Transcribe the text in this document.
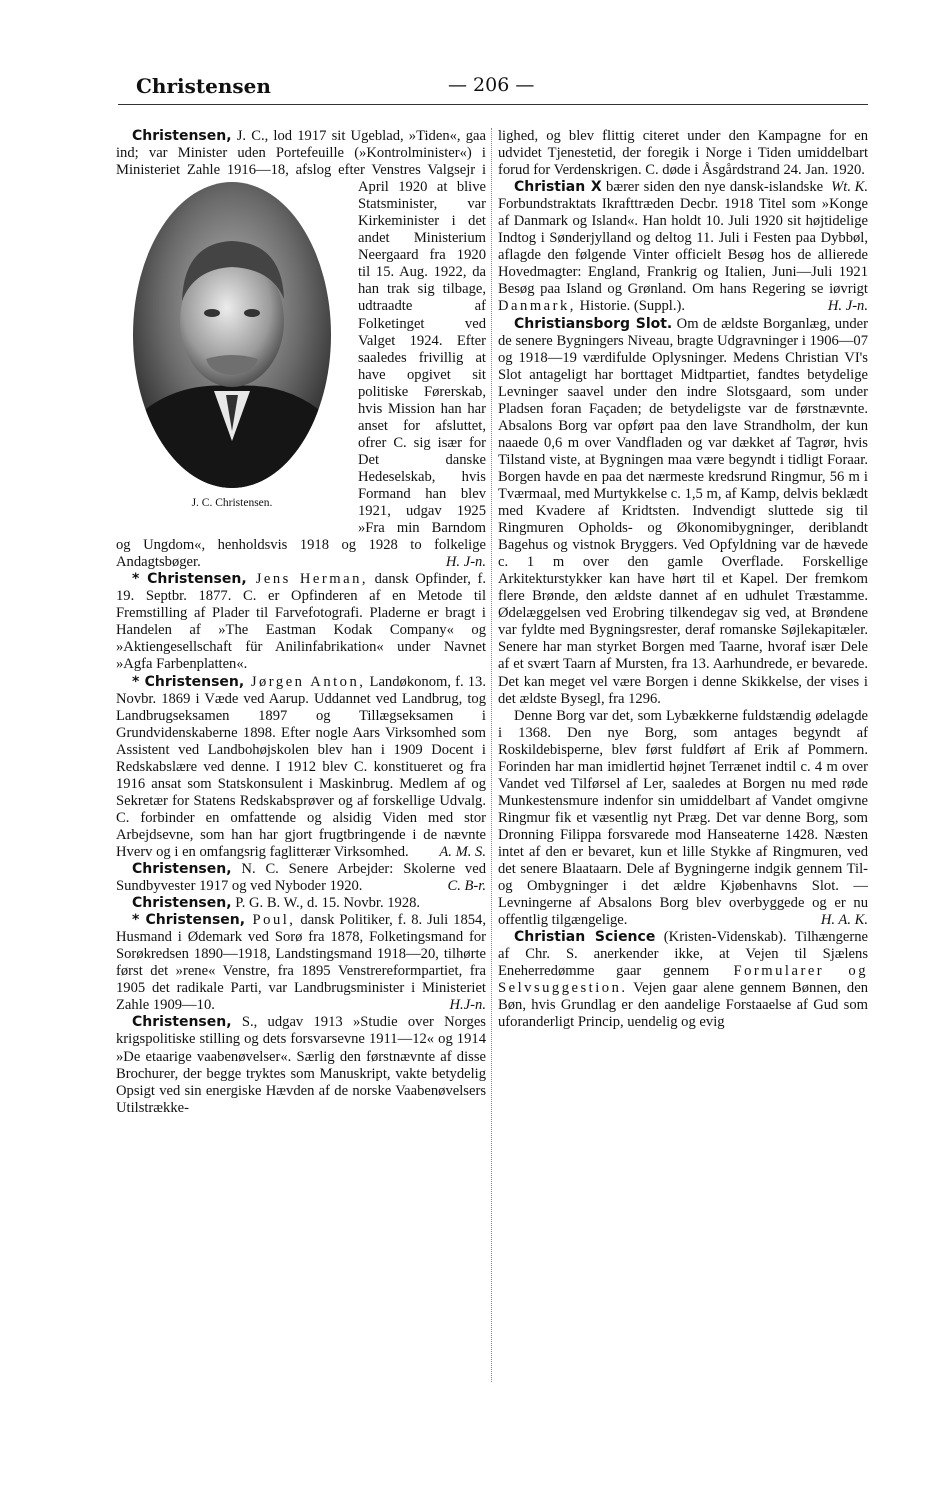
Christensen	— 206 —

Christensen, J. C., lod 1917 sit Ugeblad, »Tiden«, gaa ind; var Minister uden Portefeuille (»Kontrolminister«) i Ministeriet Zahle 1916—18, afslog efter Venstres Valgsejr i April 1920 at
J. C. Christensen.
blive Statsminister, var Kirkeminister i det andet Ministerium Neergaard fra 1920 til 15. Aug. 1922, da han trak sig tilbage, udtraadte af Folketinget ved Valget 1924. Efter saaledes frivillig at have opgivet sit politiske Førerskab, hvis Mission han har anset for afsluttet, ofrer C. sig især for Det danske Hedeselskab, hvis Formand han blev 1921, udgav 1925 »Fra min Barndom og Ungdom«, henholdsvis 1918 og 1928 to folkelige Andagtsbøger.	H. J-n.

* Christensen, Jens Herman, dansk Opfinder, f. 19. Septbr. 1877. C. er Opfinderen af en Metode til Fremstilling af Plader til Farvefotografi. Pladerne er bragt i Handelen af »The Eastman Kodak Company« og »Aktiengesellschaft für Anilinfabrikation« under Navnet »Agfa Farbenplatten«.

* Christensen, Jørgen Anton, Landøkonom, f. 13. Novbr. 1869 i Væde ved Aarup. Uddannet ved Landbrug, tog Landbrugseksamen 1897 og Tillægseksamen i Grundvidenskaberne 1898. Efter nogle Aars Virksomhed som Assistent ved Landbohøjskolen blev han i 1909 Docent i Redskabslære ved denne. I 1912 blev C. konstitueret og fra 1916 ansat som Statskonsulent i Maskinbrug. Medlem af og Sekretær for Statens Redskabsprøver og af forskellige Udvalg. C. forbinder en omfattende og alsidig Viden med stor Arbejdsevne, som han har gjort frugtbringende i de nævnte Hverv og i en omfangsrig faglitterær Virksomhed. A. M. S.

Christensen, N. C. Senere Arbejder: Skolerne ved Sundbyvester 1917 og ved Nyboder 1920.	C. B-r.

Christensen, P. G. B. W., d. 15. Novbr. 1928.

* Christensen, Poul, dansk Politiker, f. 8. Juli 1854, Husmand i Ødemark ved Sorø fra 1878, Folketingsmand for Sorøkredsen 1890—1918, Landstingsmand 1918—20, tilhørte først det »rene« Venstre, fra 1895 Venstrereformpartiet, fra 1905 det radikale Parti, var Landbrugsminister i Ministeriet Zahle 1909—10.	H.J-n.

Christensen, S., udgav 1913 »Studie over Norges krigspolitiske stilling og dets forsvarsevne 1911—12« og 1914 »De etaarige vaabenøvelser«. Særlig den førstnævnte af disse Brochurer, der begge tryktes som Manuskript, vakte betydelig Opsigt ved sin energiske Hævden af de norske Vaabenøvelsers Utilstrække-

lighed, og blev flittig citeret under den Kampagne for en udvidet Tjenestetid, der foregik i Norge i Tiden umiddelbart forud for Verdenskrigen. C. døde i Åsgårdstrand 24. Jan. 1920.
Wt. K.

Christian X bærer siden den nye dansk-islandske Forbundstraktats Ikrafttræden Decbr. 1918 Titel som »Konge af Danmark og Island«. Han holdt 10. Juli 1920 sit højtidelige Indtog i Sønderjylland og deltog 11. Juli i Festen paa Dybbøl, aflagde den følgende Vinter officielt Besøg hos de allierede Hovedmagter: England, Frankrig og Italien, Juni—Juli 1921 Besøg paa Island og Grønland. Om hans Regering se iøvrigt Danmark, Historie. (Suppl.).	H. J-n.

Christiansborg Slot. Om de ældste Borganlæg, under de senere Bygningers Niveau, bragte Udgravninger i 1906—07 og 1918—19 værdifulde Oplysninger. Medens Christian VI's Slot antageligt har borttaget Midtpartiet, fandtes betydelige Levninger saavel under den indre Slotsgaard, som under Pladsen foran Façaden; de betydeligste var de førstnævnte. Absalons Borg var opført paa den lave Strandholm, der kun naaede 0,6 m over Vandfladen og var dækket af Tagrør, hvis Tilstand viste, at Bygningen maa være begyndt i tidligt Foraar. Borgen havde en paa det nærmeste kredsrund Ringmur, 56 m i Tværmaal, med Murtykkelse c. 1,5 m, af Kamp, delvis beklædt med Kvadere af Kridtsten. Indvendigt sluttede sig til Ringmuren Opholds- og Økonomibygninger, deriblandt Bagehus og vistnok Bryggers. Ved Opfyldning var de hævede c. 1 m over den gamle Overflade. Forskellige Arkitekturstykker kan have hørt til et Kapel. Der fremkom flere Brønde, den ældste dannet af en udhulet Træstamme. Ødelæggelsen ved Erobring tilkendegav sig ved, at Brøndene var fyldte med Bygningsrester, deraf romanske Søjlekapitæler. Senere har man styrket Borgen med Taarne, hvoraf især Dele af et svært Taarn af Mursten, fra 13. Aarhundrede, er bevarede. Det kan meget vel være Borgen i denne Skikkelse, der vises i det ældste Bysegl, fra 1296.

Denne Borg var det, som Lybækkerne fuldstændig ødelagde i 1368. Den nye Borg, som antages begyndt af Roskildebisperne, blev først fuldført af Erik af Pommern. Forinden har man imidlertid højnet Terrænet indtil c. 4 m over Vandet ved Tilførsel af Ler, saaledes at Borgen nu med røde Munkestensmure indenfor sin umiddelbart af Vandet omgivne Ringmur fik et væsentlig nyt Præg. Det var denne Borg, som Dronning Filippa forsvarede mod Hanseaterne 1428. Næsten intet af den er bevaret, kun et lille Stykke af Ringmuren, ved det senere Blaataarn. Dele af Bygningerne indgik gennem Til- og Ombygninger i det ældre Kjøbenhavns Slot. — Levningerne af Absalons Borg blev overbyggede og er nu offentlig tilgængelige.	H. A. K.

Christian Science (Kristen-Videnskab). Tilhængerne af Chr. S. anerkender ikke, at Vejen til Sjælens Eneherredømme gaar gennem Formularer og Selvsuggestion. Vejen gaar alene gennem Bønnen, den Bøn, hvis Grundlag er den aandelige Forstaaelse af Gud som uforanderligt Princip, uendelig og evig
